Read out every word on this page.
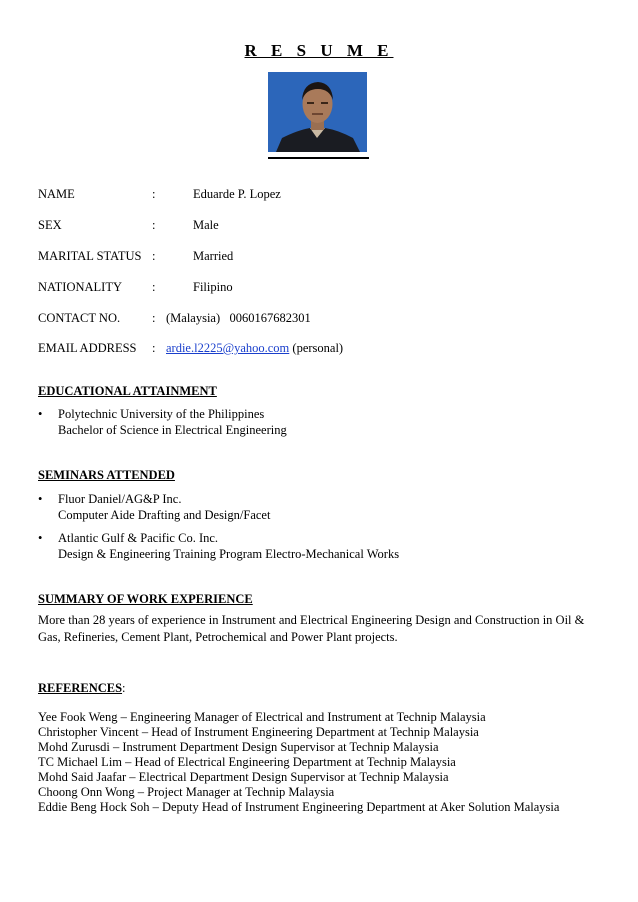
R E S U M E
NAME	:	Eduarde P. Lopez
SEX	:	Male
MARITAL STATUS :	Married
NATIONALITY :	Filipino
CONTACT NO.	: (Malaysia)   0060167682301
EMAIL ADDRESS : ardie.l2225@yahoo.com (personal)
EDUCATIONAL ATTAINMENT
• Polytechnic University of the Philippines
Bachelor of Science in Electrical Engineering
SEMINARS ATTENDED
• Fluor Daniel/AG&P Inc.
Computer Aide Drafting and Design/Facet
• Atlantic Gulf & Pacific Co. Inc.
Design & Engineering Training Program Electro-Mechanical Works
SUMMARY OF WORK EXPERIENCE
More than 28 years of experience in Instrument and Electrical Engineering Design and Construction in Oil & Gas, Refineries, Cement Plant, Petrochemical and Power Plant projects.
REFERENCES:
Yee Fook Weng – Engineering Manager of Electrical and Instrument at Technip Malaysia
Christopher Vincent – Head of Instrument Engineering Department at Technip Malaysia
Mohd Zurusdi – Instrument Department Design Supervisor at Technip Malaysia
TC Michael Lim – Head of Electrical Engineering Department at Technip Malaysia
Mohd Said Jaafar – Electrical Department Design Supervisor at Technip Malaysia
Choong Onn Wong – Project Manager at Technip Malaysia
Eddie Beng Hock Soh – Deputy Head of Instrument Engineering Department at Aker Solution Malaysia
